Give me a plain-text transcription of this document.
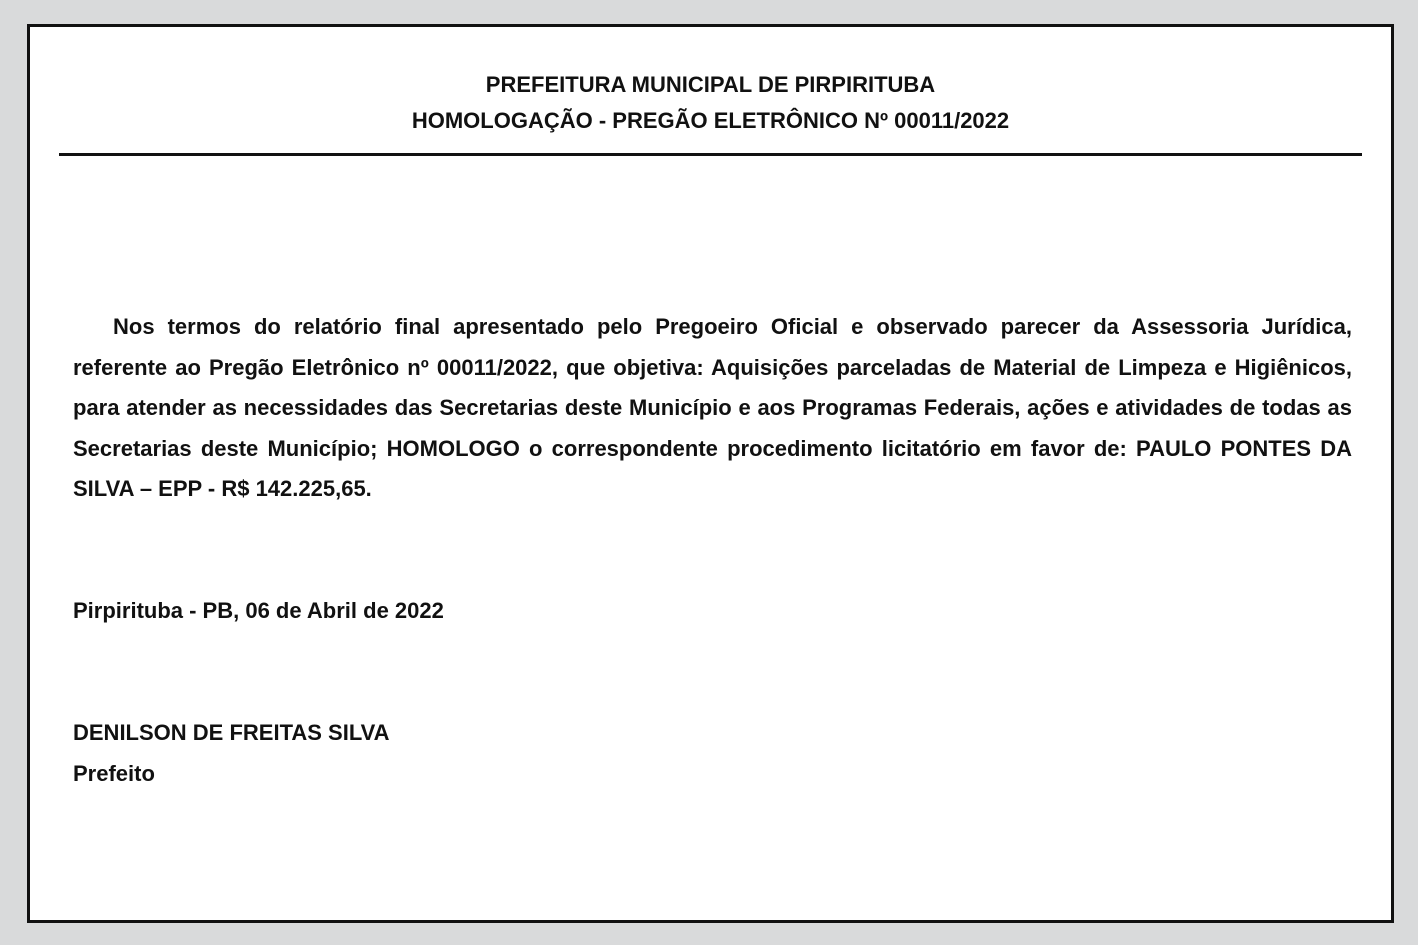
PREFEITURA MUNICIPAL DE PIRPIRITUBA
HOMOLOGAÇÃO - PREGÃO ELETRÔNICO Nº 00011/2022

Nos termos do relatório final apresentado pelo Pregoeiro Oficial e observado parecer da Assessoria Jurídica, referente ao Pregão Eletrônico nº 00011/2022, que objetiva: Aquisições parceladas de Material de Limpeza e Higiênicos, para atender as necessidades das Secretarias deste Município e aos Programas Federais, ações e atividades de todas as Secretarias deste Município; HOMOLOGO o correspondente procedimento licitatório em favor de: PAULO PONTES DA SILVA – EPP - R$ 142.225,65.

Pirpirituba - PB, 06 de Abril de 2022
DENILSON DE FREITAS SILVA
Prefeito
